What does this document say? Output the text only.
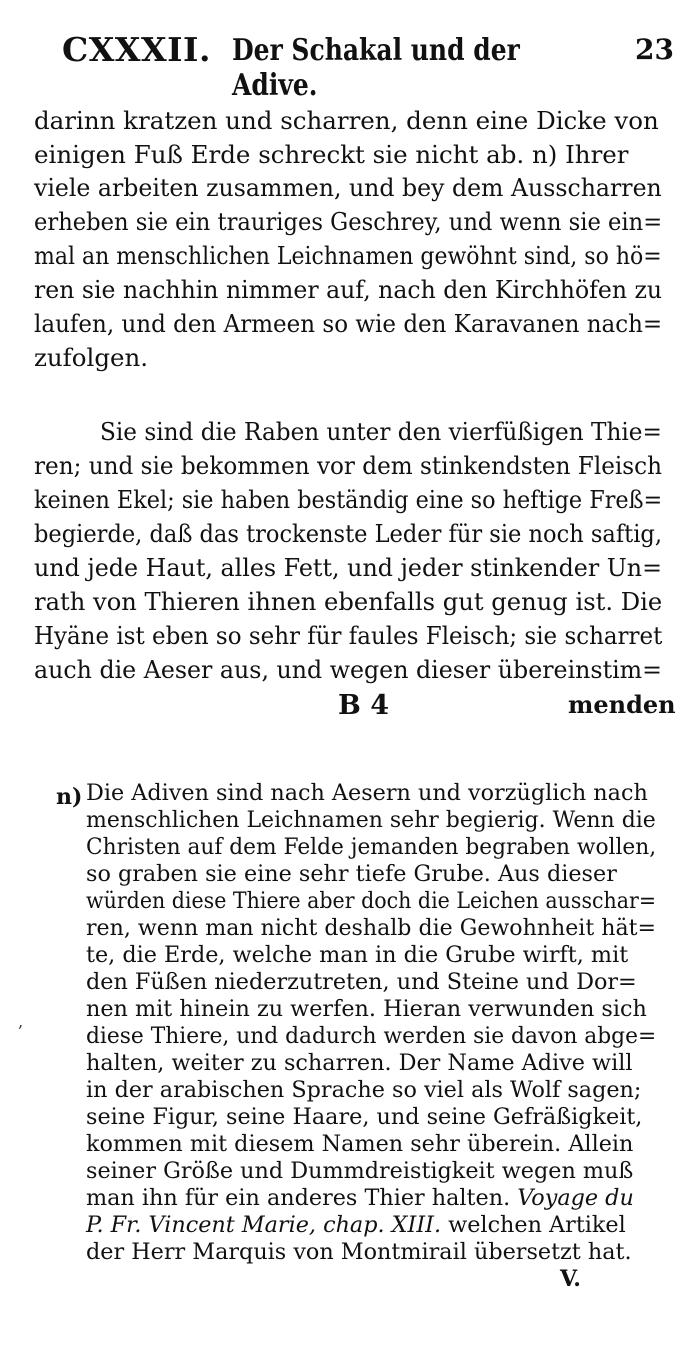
CXXXII. Der Schakal und der Adive.
23
darinn kratzen und scharren, denn eine Dicke von
einigen Fuß Erde schreckt sie nicht ab. n) Ihrer
viele arbeiten zusammen, und bey dem Ausscharren
erheben sie ein trauriges Geschrey, und wenn sie ein=
mal an menschlichen Leichnamen gewöhnt sind, so hö=
ren sie nachhin nimmer auf, nach den Kirchhöfen zu
laufen, und den Armeen so wie den Karavanen nach=
zufolgen.
Sie sind die Raben unter den vierfüßigen Thie=
ren; und sie bekommen vor dem stinkendsten Fleisch
keinen Ekel; sie haben beständig eine so heftige Freß=
begierde, daß das trockenste Leder für sie noch saftig,
und jede Haut, alles Fett, und jeder stinkender Un=
rath von Thieren ihnen ebenfalls gut genug ist. Die
Hyäne ist eben so sehr für faules Fleisch; sie scharret
auch die Aeser aus, und wegen dieser übereinstim=
B 4	menden
n) Die Adiven sind nach Aesern und vorzüglich nach
menschlichen Leichnamen sehr begierig. Wenn die
Christen auf dem Felde jemanden begraben wollen,
so graben sie eine sehr tiefe Grube. Aus dieser
würden diese Thiere aber doch die Leichen ausschar=
ren, wenn man nicht deshalb die Gewohnheit hät=
te, die Erde, welche man in die Grube wirft, mit
den Füßen niederzutreten, und Steine und Dor=
nen mit hinein zu werfen. Hieran verwunden sich
diese Thiere, und dadurch werden sie davon abge=
halten, weiter zu scharren. Der Name Adive will
in der arabischen Sprache so viel als Wolf sagen;
seine Figur, seine Haare, und seine Gefräßigkeit,
kommen mit diesem Namen sehr überein. Allein
seiner Größe und Dummdreistigkeit wegen muß
man ihn für ein anderes Thier halten. Voyage du
P. Fr. Vincent Marie, chap. XIII. welchen Artikel
der Herr Marquis von Montmirail übersetzt hat.
V.
‚
